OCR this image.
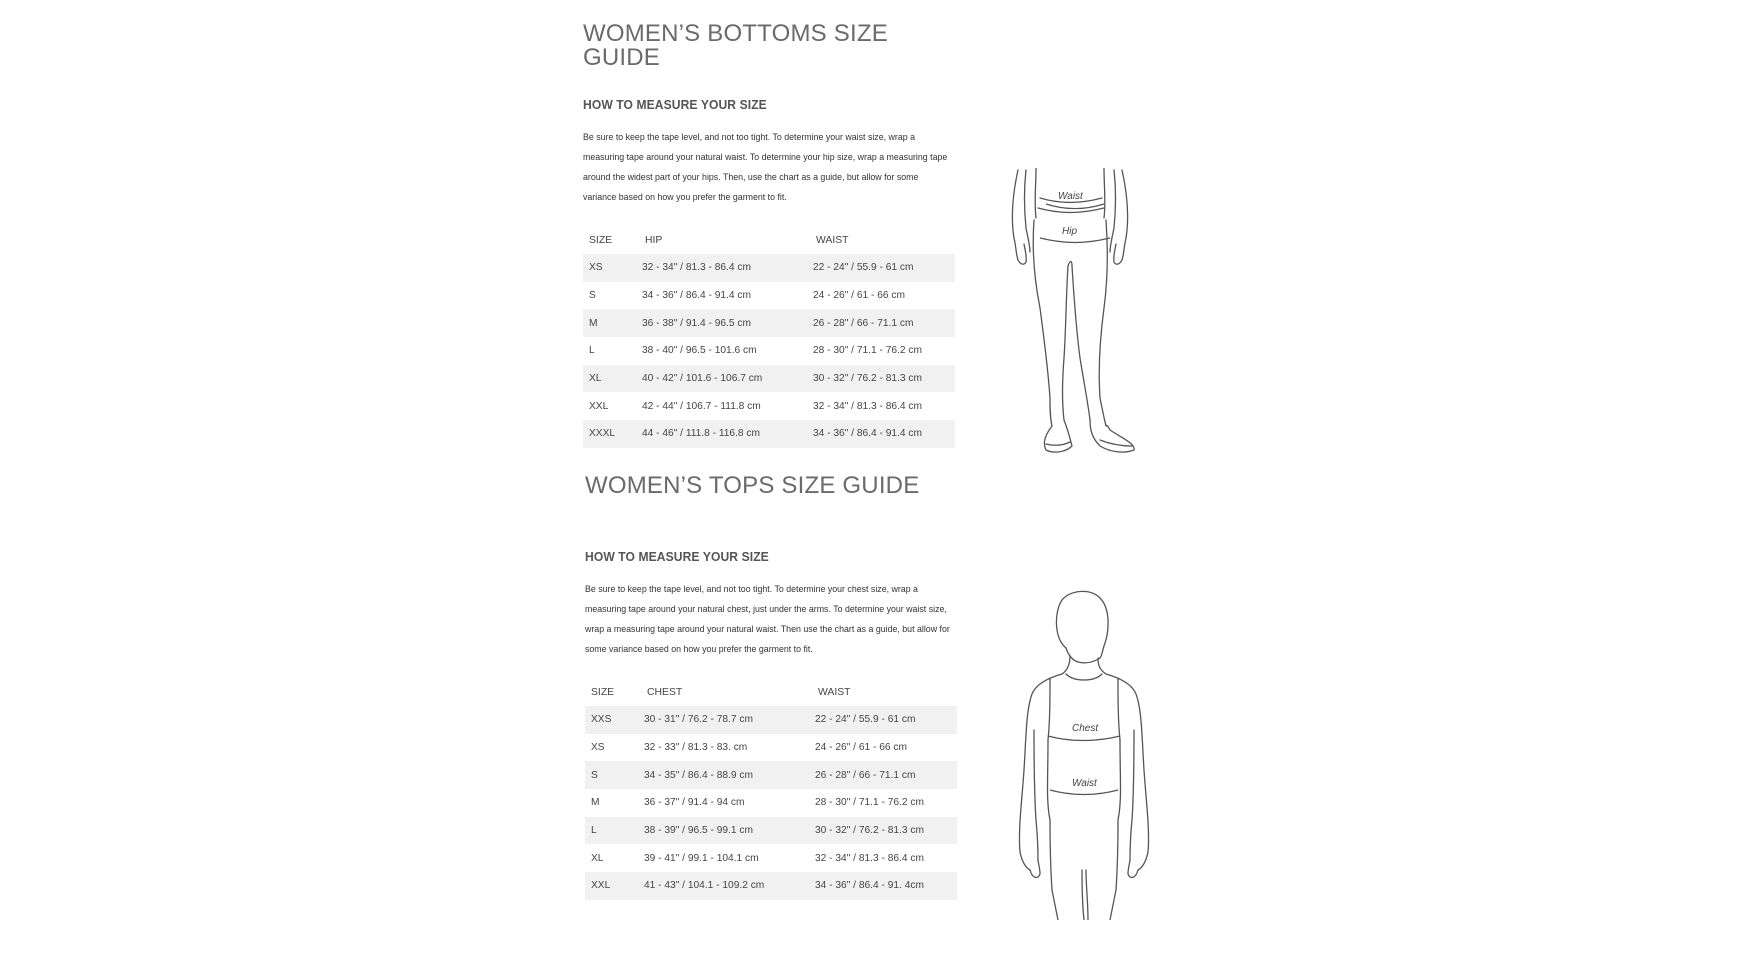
WOMEN’S BOTTOMS SIZE
GUIDE
HOW TO MEASURE YOUR SIZE

Be sure to keep the tape level, and not too tight. To determine your waist size, wrap a
measuring tape around your natural waist. To determine your hip size, wrap a measuring tape
around the widest part of your hips. Then, use the chart as a guide, but allow for some
variance based on how you prefer the garment to fit.

SIZE	HIP	WAIST
XS	32 - 34" / 81.3 - 86.4 cm	22 - 24" / 55.9 - 61 cm
S	34 - 36" / 86.4 - 91.4 cm	24 - 26" / 61 - 66 cm
M	36 - 38" / 91.4 - 96.5 cm	26 - 28" / 66 - 71.1 cm
L	38 - 40" / 96.5 - 101.6 cm	28 - 30" / 71.1 - 76.2 cm
XL	40 - 42" / 101.6 - 106.7 cm	30 - 32" / 76.2 - 81.3 cm
XXL	42 - 44" / 106.7 - 111.8 cm	32 - 34" / 81.3 - 86.4 cm
XXXL	44 - 46" / 111.8 - 116.8 cm	34 - 36" / 86.4 - 91.4 cm
Waist
Hip
WOMEN’S TOPS SIZE GUIDE
HOW TO MEASURE YOUR SIZE

Be sure to keep the tape level, and not too tight. To determine your chest size, wrap a
measuring tape around your natural chest, just under the arms. To determine your waist size,
wrap a measuring tape around your natural waist. Then use the chart as a guide, but allow for
some variance based on how you prefer the garment to fit.

SIZE	CHEST	WAIST
XXS	30 - 31" / 76.2 - 78.7 cm	22 - 24" / 55.9 - 61 cm
XS	32 - 33" / 81.3 - 83. cm	24 - 26" / 61 - 66 cm
S	34 - 35" / 86.4 - 88.9 cm	26 - 28" / 66 - 71.1 cm
M	36 - 37" / 91.4 - 94 cm	28 - 30" / 71.1 - 76.2 cm
L	38 - 39" / 96.5 - 99.1 cm	30 - 32" / 76.2 - 81.3 cm
XL	39 - 41" / 99.1 - 104.1 cm	32 - 34" / 81.3 - 86.4 cm
XXL	41 - 43" / 104.1 - 109.2 cm	34 - 36" / 86.4 - 91. 4cm
Chest
Waist
